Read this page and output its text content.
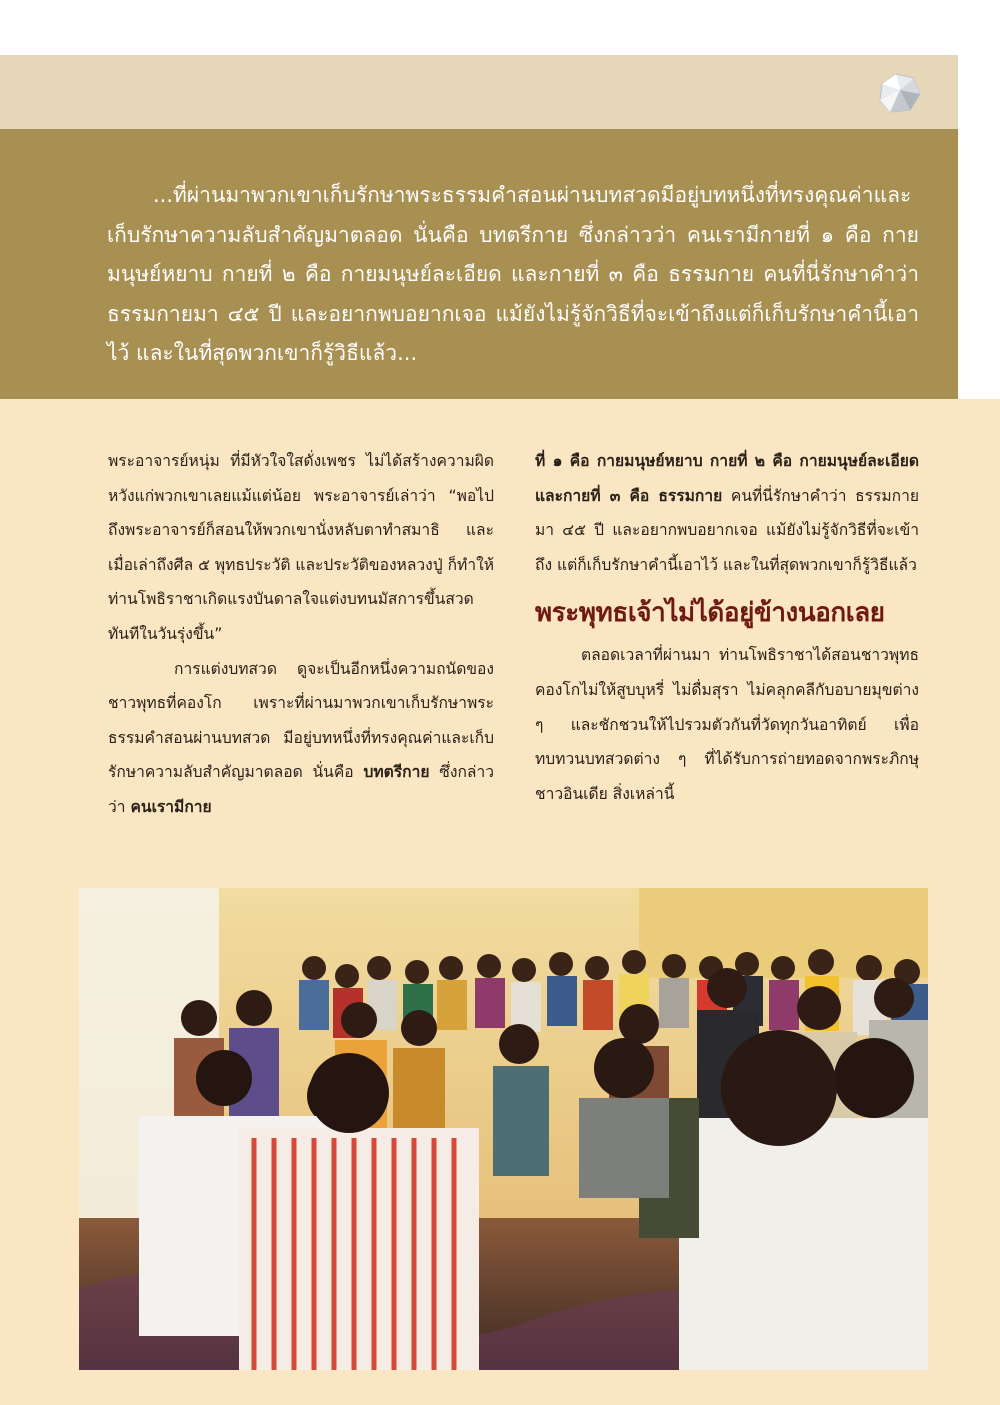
...ที่ผ่านมาพวกเขาเก็บรักษาพระธรรมคำสอนผ่านบทสวดมีอยู่บทหนึ่งที่ทรงคุณค่าและเก็บรักษาความลับสำคัญมาตลอด นั่นคือ บทตรีกาย ซึ่งกล่าวว่า คนเรามีกายที่ ๑ คือ กายมนุษย์หยาบ กายที่ ๒ คือ กายมนุษย์ละเอียด และกายที่ ๓ คือ ธรรมกาย คนที่นี่รักษาคำว่าธรรมกายมา ๔๕ ปี และอยากพบอยากเจอ แม้ยังไม่รู้จักวิธีที่จะเข้าถึงแต่ก็เก็บรักษาคำนี้เอาไว้ และในที่สุดพวกเขาก็รู้วิธีแล้ว...

พระอาจารย์หนุ่ม ที่มีหัวใจใสดั่งเพชร ไม่ได้สร้างความผิดหวังแก่พวกเขาเลยแม้แต่น้อย พระอาจารย์เล่าว่า “พอไปถึงพระอาจารย์ก็สอนให้พวกเขานั่งหลับตาทำสมาธิ และเมื่อเล่าถึงศีล ๕ พุทธประวัติ และประวัติของหลวงปู่ ก็ทำให้ท่านโพธิราชาเกิดแรงบันดาลใจแต่งบทนมัสการขึ้นสวดทันทีในวันรุ่งขึ้น”

การแต่งบทสวด ดูจะเป็นอีกหนึ่งความถนัดของชาวพุทธที่คองโก เพราะที่ผ่านมาพวกเขาเก็บรักษาพระธรรมคำสอนผ่านบทสวด มีอยู่บทหนึ่งที่ทรงคุณค่าและเก็บรักษาความลับสำคัญมาตลอด นั่นคือ บทตรีกาย ซึ่งกล่าวว่า คนเรามีกาย

ที่ ๑ คือ กายมนุษย์หยาบ กายที่ ๒ คือ กายมนุษย์ละเอียด และกายที่ ๓ คือ ธรรมกาย คนที่นี่รักษาคำว่า ธรรมกายมา ๔๕ ปี และอยากพบอยากเจอ แม้ยังไม่รู้จักวิธีที่จะเข้าถึง แต่ก็เก็บรักษาคำนี้เอาไว้ และในที่สุดพวกเขาก็รู้วิธีแล้ว

พระพุทธเจ้าไม่ได้อยู่ข้างนอกเลย

ตลอดเวลาที่ผ่านมา ท่านโพธิราชาได้สอนชาวพุทธคองโกไม่ให้สูบบุหรี่ ไม่ดื่มสุรา ไม่คลุกคลีกับอบายมุขต่าง ๆ และชักชวนให้ไปรวมตัวกันที่วัดทุกวันอาทิตย์ เพื่อทบทวนบทสวดต่าง ๆ ที่ได้รับการถ่ายทอดจากพระภิกษุชาวอินเดีย สิ่งเหล่านี้
